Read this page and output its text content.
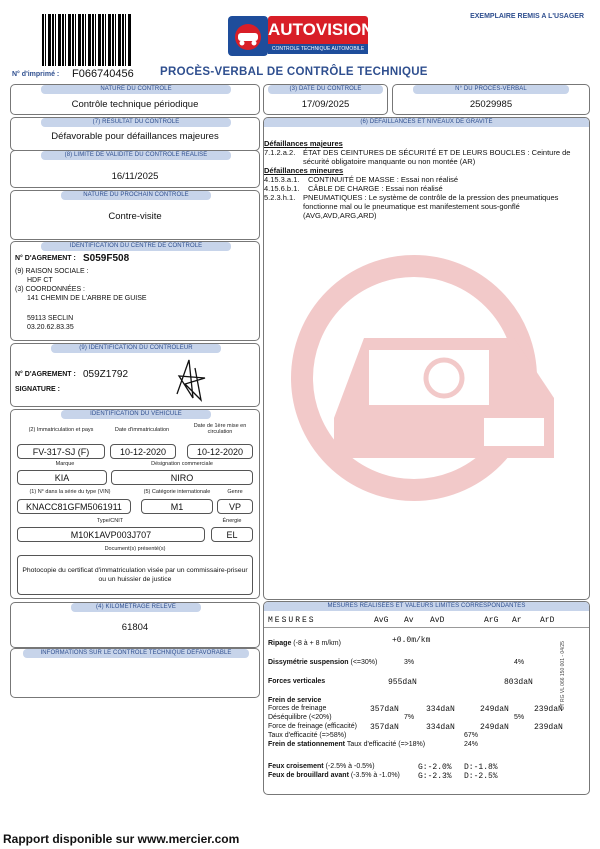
AUTOVISION
CONTROLE TECHNIQUE AUTOMOBILE
EXEMPLAIRE REMIS A L'USAGER
N° d'imprimé : F066740456 PROCÈS-VERBAL DE CONTRÔLE TECHNIQUE
NATURE DU CONTRÔLE
Contrôle technique périodique
(3) DATE DU CONTRÔLE
17/09/2025
N° DU PROCÈS-VERBAL
25029985
(7) RÉSULTAT DU CONTRÔLE
Défavorable pour défaillances majeures
(8) LIMITE DE VALIDITÉ DU CONTRÔLE RÉALISÉ
16/11/2025
NATURE DU PROCHAIN CONTRÔLE
Contre-visite
IDENTIFICATION DU CENTRE DE CONTRÔLE
N° D'AGREMENT : S059F508
(9) RAISON SOCIALE :
HDF CT
(3) COORDONNÉES :
141 CHEMIN DE L'ARBRE DE GUISE
59113 SECLIN
03.20.62.83.35
(9) IDENTIFICATION DU CONTRÔLEUR
N° D'AGREMENT : 059Z1792
SIGNATURE :
IDENTIFICATION DU VÉHICULE
(2) Immatriculation et pays	Date d'immatriculation
Date de 1ère mise en circulation
FV-317-SJ (F)	10-12-2020	10-12-2020
Marque	Désignation commerciale
KIA	NIRO
(1) N° dans la série du type (VIN)	(5) Catégorie internationale	Genre
KNACC81GFM5061911	M1	VP
Type/CNIT	Énergie
M10K1AVP003J707	EL
Document(s) présenté(s)
Photocopie du certificat d'immatriculation visée par un commissaire-priseur ou un huissier de justice
(4) KILOMÉTRAGE RELEVÉ
61804
INFORMATIONS SUR LE CONTRÔLE TECHNIQUE DÉFAVORABLE
(6) DÉFAILLANCES ET NIVEAUX DE GRAVITÉ
Défaillances majeures
7.1.2.a.2.	ÉTAT DES CEINTURES DE SÉCURITÉ ET DE LEURS BOUCLES : Ceinture de sécurité obligatoire manquante ou non montée (AR)
Défaillances mineures
4.15.3.a.1.	CONTINUITÉ DE MASSE : Essai non réalisé
4.15.6.b.1.	CÂBLE DE CHARGE : Essai non réalisé
5.2.3.h.1.	PNEUMATIQUES : Le système de contrôle de la pression des pneumatiques fonctionne mal ou le pneumatique est manifestement sous-gonflé (AVG,AVD,ARG,ARD)
MESURES RÉALISÉES ET VALEURS LIMITES CORRESPONDANTES
MESURES	AvG Av AvD	ArG Ar ArD
Ripage (-8 à + 8 m/km)	+0.0m/km
Dissymétrie suspension (<=30%)	3%	4%
Forces verticales	955daN	803daN
Frein de service
Forces de freinage	357daN	334daN	249daN	239daN
Déséquilibre (<20%)	7%	5%
Force de freinage (efficacité) 357daN	334daN	249daN	239daN
Taux d'efficacité (=>58%)	67%
Frein de stationnement Taux d'efficacité (=>18%)	24%
Feux croisement (-2.5% à -0.5%)	G:-2.0% D:-1.8%
Feux de brouillard avant (-3.5% à -1.0%) G:-2.3% D:-2.5%
CT RG VL 066 150 001 - 04/25
Rapport disponible sur www.mercier.com
